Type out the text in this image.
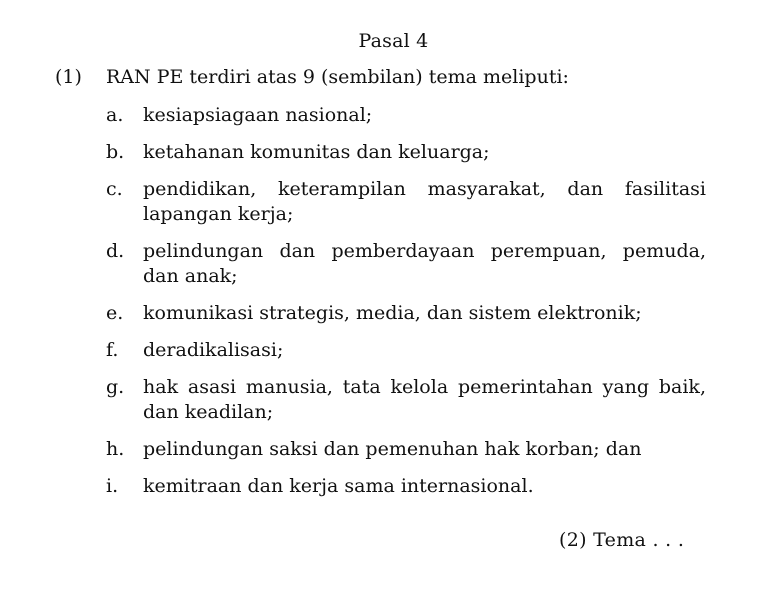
Pasal 4
(1) RAN PE terdiri atas 9 (sembilan) tema meliputi:
a.	kesiapsiagaan nasional;
b. ketahanan komunitas dan keluarga;
c.	pendidikan, keterampilan masyarakat, dan fasilitasi lapangan kerja;
d. pelindungan dan pemberdayaan perempuan, pemuda, dan anak;
e.	komunikasi strategis, media, dan sistem elektronik;
f.	deradikalisasi;
g. hak asasi manusia, tata kelola pemerintahan yang baik, dan keadilan;
h. pelindungan saksi dan pemenuhan hak korban; dan
i.	kemitraan dan kerja sama internasional.
(2) Tema . . .
